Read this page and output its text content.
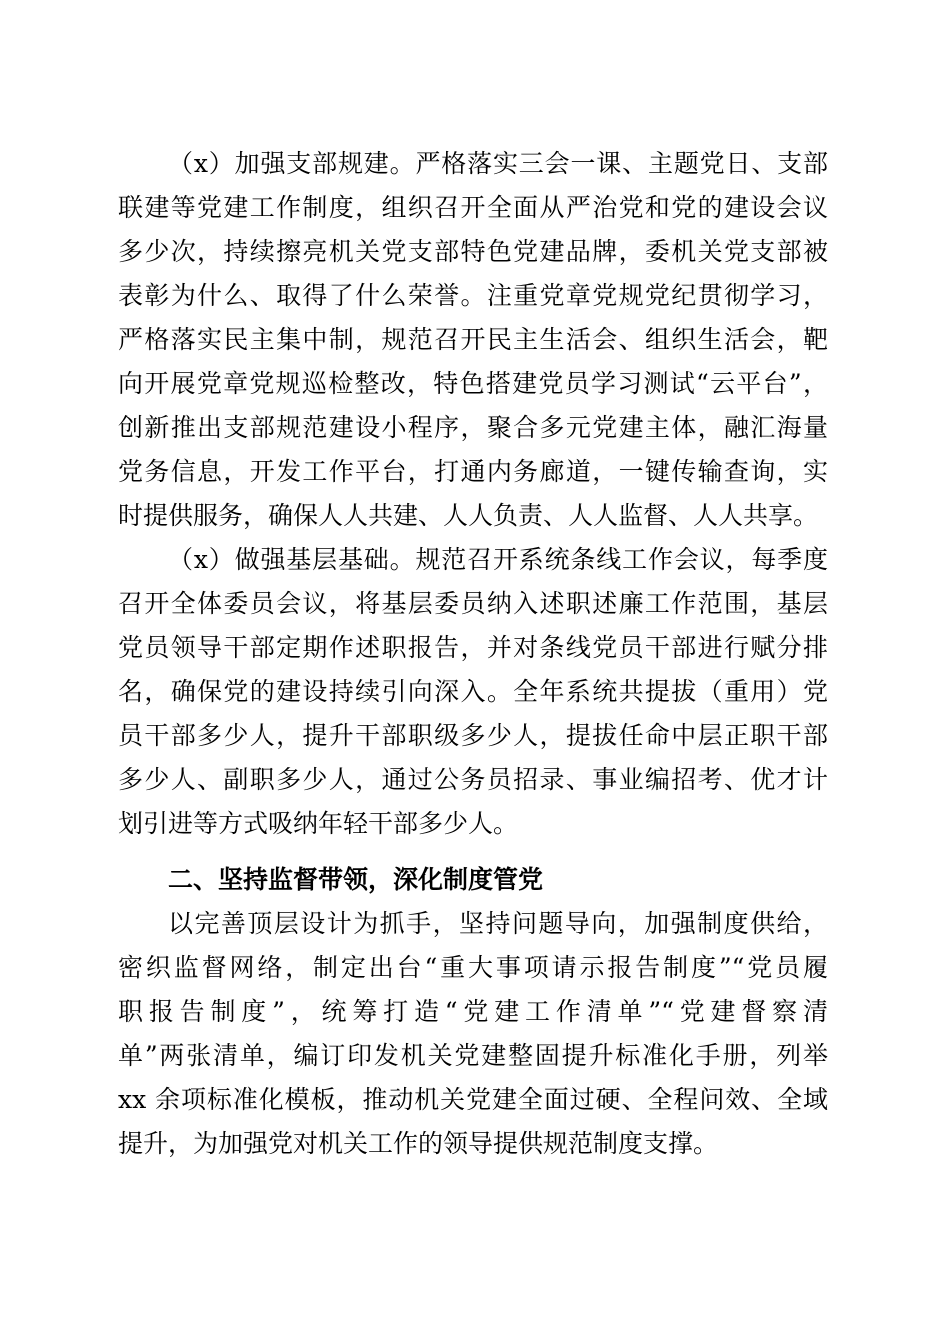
（x）加强支部规建。严格落实三会一课、主题党日、支部
联建等党建工作制度，组织召开全面从严治党和党的建设会议
多少次，持续擦亮机关党支部特色党建品牌，委机关党支部被
表彰为什么、取得了什么荣誉。注重党章党规党纪贯彻学习，
严格落实民主集中制，规范召开民主生活会、组织生活会，靶
向开展党章党规巡检整改，特色搭建党员学习测试“云平台”，
创新推出支部规范建设小程序，聚合多元党建主体，融汇海量
党务信息，开发工作平台，打通内务廊道，一键传输查询，实
时提供服务，确保人人共建、人人负责、人人监督、人人共享。
（x）做强基层基础。规范召开系统条线工作会议，每季度
召开全体委员会议，将基层委员纳入述职述廉工作范围，基层
党员领导干部定期作述职报告，并对条线党员干部进行赋分排
名，确保党的建设持续引向深入。全年系统共提拔（重用）党
员干部多少人，提升干部职级多少人，提拔任命中层正职干部
多少人、副职多少人，通过公务员招录、事业编招考、优才计
划引进等方式吸纳年轻干部多少人。
二、坚持监督带领，深化制度管党
以完善顶层设计为抓手，坚持问题导向，加强制度供给，
密织监督网络，制定出台“重大事项请示报告制度”“党员履
职报告制度”，统筹打造“党建工作清单”“党建督察清
单”两张清单，编订印发机关党建整固提升标准化手册，列举
xx 余项标准化模板，推动机关党建全面过硬、全程问效、全域
提升，为加强党对机关工作的领导提供规范制度支撑。
